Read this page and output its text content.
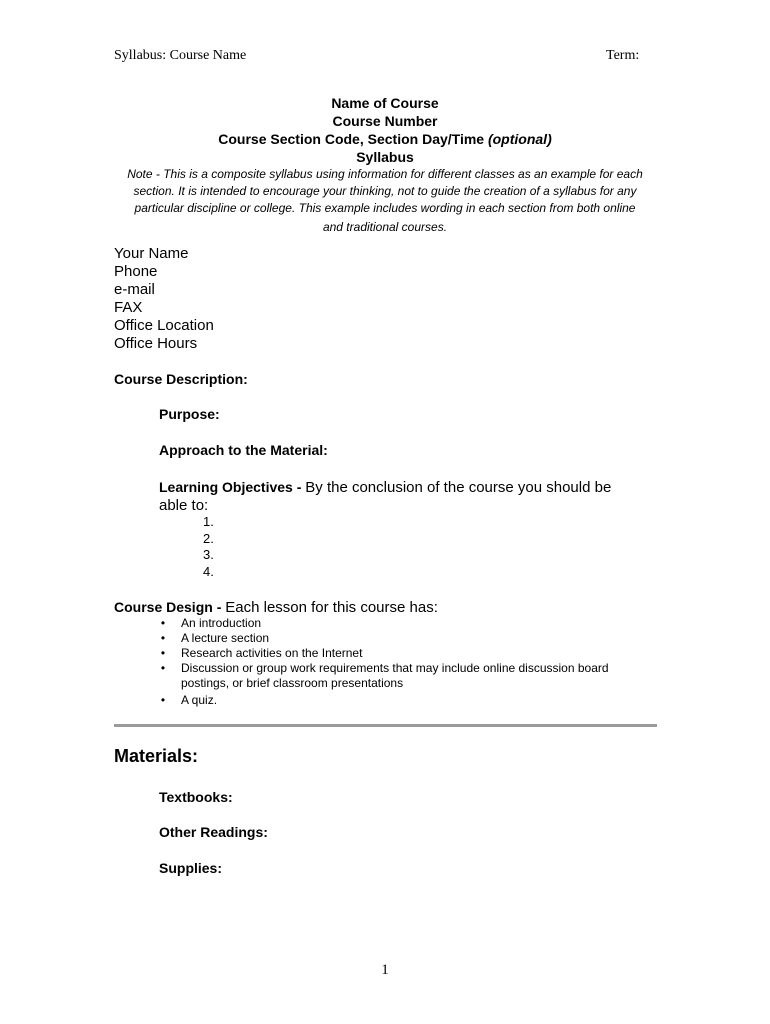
Syllabus: Course Name	Term:
Name of Course
Course Number
Course Section Code, Section Day/Time (optional)
Syllabus
Note - This is a composite syllabus using information for different classes as an example for each
section. It is intended to encourage your thinking, not to guide the creation of a syllabus for any
particular discipline or college. This example includes wording in each section from both online
and traditional courses.
Your Name
Phone
e-mail
FAX
Office Location
Office Hours
Course Description:
Purpose:
Approach to the Material:
Learning Objectives - By the conclusion of the course you should be able to:
1.
2.
3.
4.
Course Design - Each lesson for this course has:
• An introduction
• A lecture section
• Research activities on the Internet
• Discussion or group work requirements that may include online discussion board postings, or brief classroom presentations
• A quiz.
Materials:
Textbooks:
Other Readings:
Supplies:
1
